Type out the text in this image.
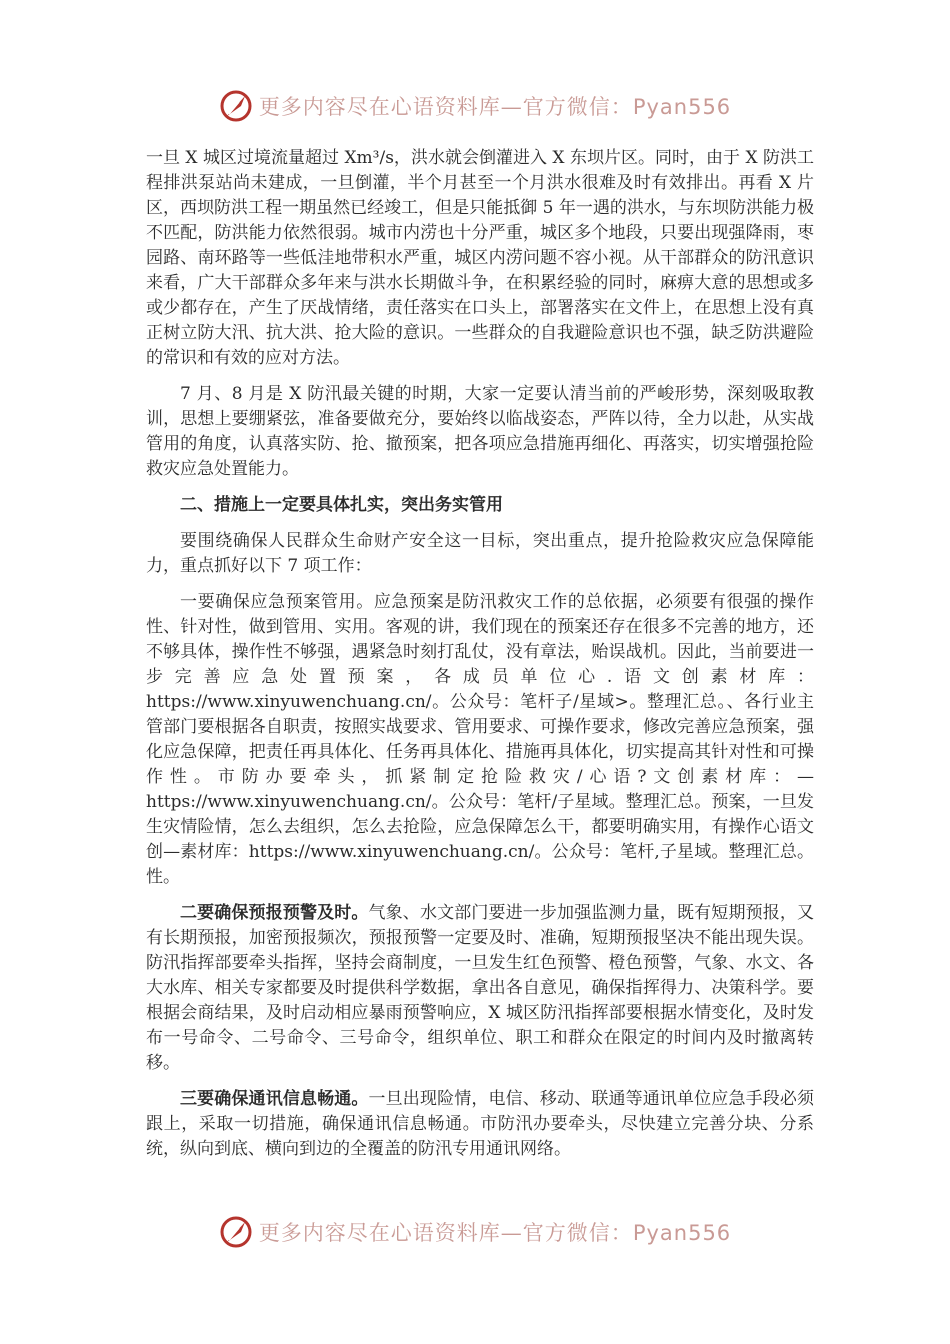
更多内容尽在心语资料库—官方微信：Pyan556

一旦 X 城区过境流量超过 Xm³/s，洪水就会倒灌进入 X 东坝片区。同时，由于 X 防洪工程排洪泵站尚未建成，一旦倒灌，半个月甚至一个月洪水很难及时有效排出。再看 X 片区，西坝防洪工程一期虽然已经竣工，但是只能抵御 5 年一遇的洪水，与东坝防洪能力极不匹配，防洪能力依然很弱。城市内涝也十分严重，城区多个地段，只要出现强降雨，枣园路、南环路等一些低洼地带积水严重，城区内涝问题不容小视。从干部群众的防汛意识来看，广大干部群众多年来与洪水长期做斗争，在积累经验的同时，麻痹大意的思想或多或少都存在，产生了厌战情绪，责任落实在口头上，部署落实在文件上，在思想上没有真正树立防大汛、抗大洪、抢大险的意识。一些群众的自我避险意识也不强，缺乏防洪避险的常识和有效的应对方法。

7 月、8 月是 X 防汛最关键的时期，大家一定要认清当前的严峻形势，深刻吸取教训，思想上要绷紧弦，准备要做充分，要始终以临战姿态，严阵以待，全力以赴，从实战管用的角度，认真落实防、抢、撤预案，把各项应急措施再细化、再落实，切实增强抢险救灾应急处置能力。

二、措施上一定要具体扎实，突出务实管用

要围绕确保人民群众生命财产安全这一目标，突出重点，提升抢险救灾应急保障能力，重点抓好以下 7 项工作：

一要确保应急预案管用。应急预案是防汛救灾工作的总依据，必须要有很强的操作性、针对性，做到管用、实用。客观的讲，我们现在的预案还存在很多不完善的地方，还不够具体，操作性不够强，遇紧急时刻打乱仗，没有章法，贻误战机。因此，当前要进一步完善应急处置预案，各成员单位心.语文创素材库：https://www.xinyuwenchuang.cn/。公众号：笔杆子/星域>。整理汇总。、各行业主管部门要根据各自职责，按照实战要求、管用要求、可操作要求，修改完善应急预案，强化应急保障，把责任再具体化、任务再具体化、措施再具体化，切实提高其针对性和可操作性。市防办要牵头，抓紧制定抢险救灾/心语?文创素材库：—https://www.xinyuwenchuang.cn/。公众号：笔杆/子星域。整理汇总。预案，一旦发生灾情险情，怎么去组织，怎么去抢险，应急保障怎么干，都要明确实用，有操作心语文创—素材库：https://www.xinyuwenchuang.cn/。公众号：笔杆,子星域。整理汇总。性。

二要确保预报预警及时。气象、水文部门要进一步加强监测力量，既有短期预报，又有长期预报，加密预报频次，预报预警一定要及时、准确，短期预报坚决不能出现失误。防汛指挥部要牵头指挥，坚持会商制度，一旦发生红色预警、橙色预警，气象、水文、各大水库、相关专家都要及时提供科学数据，拿出各自意见，确保指挥得力、决策科学。要根据会商结果，及时启动相应暴雨预警响应，X 城区防汛指挥部要根据水情变化，及时发布一号命令、二号命令、三号命令，组织单位、职工和群众在限定的时间内及时撤离转移。

三要确保通讯信息畅通。一旦出现险情，电信、移动、联通等通讯单位应急手段必须跟上，采取一切措施，确保通讯信息畅通。市防汛办要牵头，尽快建立完善分块、分系统，纵向到底、横向到边的全覆盖的防汛专用通讯网络。

更多内容尽在心语资料库—官方微信：Pyan556
